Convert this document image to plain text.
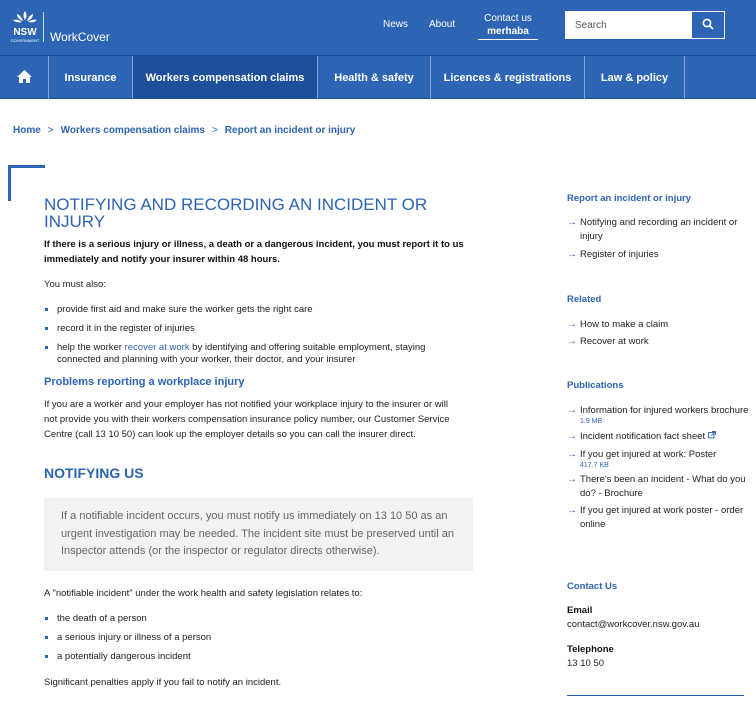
NSW
GOVERNMENT WorkCover
News About
Contact us
merhaba
Search
Insurance	Workers compensation claims	Health & safety	Licences & registrations	Law & policy
Home > Workers compensation claims > Report an incident or injury
NOTIFYING AND RECORDING AN INCIDENT OR
INJURY
If there is a serious injury or illness, a death or a dangerous incident, you must report it to us
immediately and notify your insurer within 48 hours.
You must also:
provide first aid and make sure the worker gets the right care
record it in the register of injuries
help the worker recover at work by identifying and offering suitable employment, staying
connected and planning with your worker, their doctor, and your insurer
Problems reporting a workplace injury
If you are a worker and your employer has not notified your workplace injury to the insurer or will
not provide you with their workers compensation insurance policy number, our Customer Service
Centre (call 13 10 50) can look up the employer details so you can call the insurer direct.
NOTIFYING US
If a notifiable incident occurs, you must notify us immediately on 13 10 50 as an
urgent investigation may be needed. The incident site must be preserved until an
Inspector attends (or the inspector or regulator directs otherwise).
A "notifiable incident" under the work health and safety legislation relates to:
the death of a person
a serious injury or illness of a person
a potentially dangerous incident
Significant penalties apply if you fail to notify an incident.
Report an incident or injury
→ Notifying and recording an incident or injury
→ Register of injuries
Related
→ How to make a claim
→ Recover at work
Publications
→ Information for injured workers brochure
1.9 MB
→ Incident notification fact sheet
→ If you get injured at work: Poster
417.7 KB
→ There's been an incident - What do you do? - Brochure
→ If you get injured at work poster - order online
Contact Us
Email
contact@workcover.nsw.gov.au
Telephone
13 10 50
